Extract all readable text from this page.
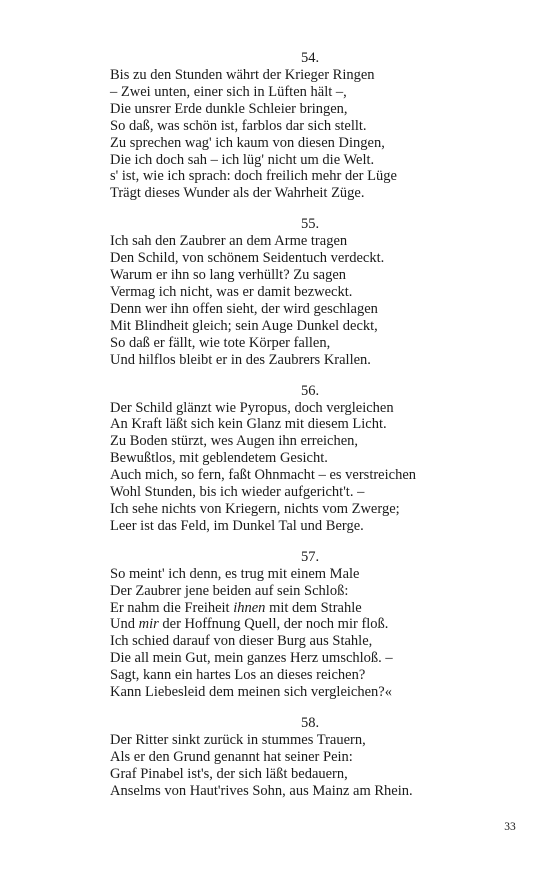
54.
Bis zu den Stunden währt der Krieger Ringen
– Zwei unten, einer sich in Lüften hält –,
Die unsrer Erde dunkle Schleier bringen,
So daß, was schön ist, farblos dar sich stellt.
Zu sprechen wag' ich kaum von diesen Dingen,
Die ich doch sah – ich lüg' nicht um die Welt.
s' ist, wie ich sprach: doch freilich mehr der Lüge
Trägt dieses Wunder als der Wahrheit Züge.
55.
Ich sah den Zaubrer an dem Arme tragen
Den Schild, von schönem Seidentuch verdeckt.
Warum er ihn so lang verhüllt? Zu sagen
Vermag ich nicht, was er damit bezweckt.
Denn wer ihn offen sieht, der wird geschlagen
Mit Blindheit gleich; sein Auge Dunkel deckt,
So daß er fällt, wie tote Körper fallen,
Und hilflos bleibt er in des Zaubrers Krallen.
56.
Der Schild glänzt wie Pyropus, doch vergleichen
An Kraft läßt sich kein Glanz mit diesem Licht.
Zu Boden stürzt, wes Augen ihn erreichen,
Bewußtlos, mit geblendetem Gesicht.
Auch mich, so fern, faßt Ohnmacht – es verstreichen
Wohl Stunden, bis ich wieder aufgericht't. –
Ich sehe nichts von Kriegern, nichts vom Zwerge;
Leer ist das Feld, im Dunkel Tal und Berge.
57.
So meint' ich denn, es trug mit einem Male
Der Zaubrer jene beiden auf sein Schloß:
Er nahm die Freiheit ihnen mit dem Strahle
Und mir der Hoffnung Quell, der noch mir floß.
Ich schied darauf von dieser Burg aus Stahle,
Die all mein Gut, mein ganzes Herz umschloß. –
Sagt, kann ein hartes Los an dieses reichen?
Kann Liebesleid dem meinen sich vergleichen?«
58.
Der Ritter sinkt zurück in stummes Trauern,
Als er den Grund genannt hat seiner Pein:
Graf Pinabel ist's, der sich läßt bedauern,
Anselms von Haut'rives Sohn, aus Mainz am Rhein.
33
